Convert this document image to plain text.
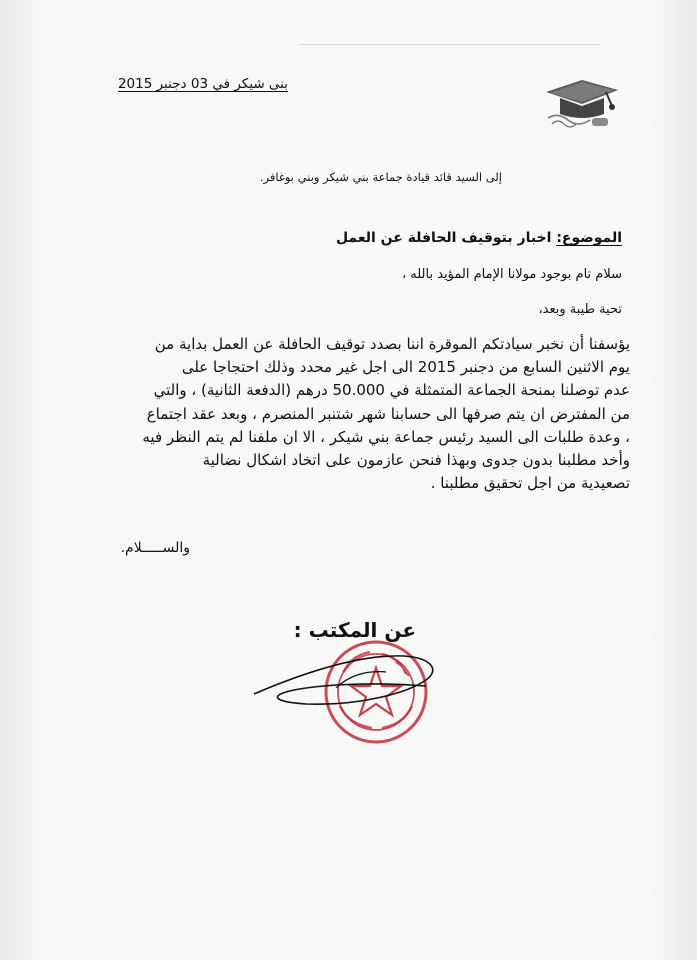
بنى شيكر في 03 دجنبر 2015
إلى السيد قائد قيادة جماعة بني شيكر وبني بوغافر.
الموضوع: اخبار بتوقيف الحافلة عن العمل
سلام تام بوجود مولانا الإمام المؤيد بالله ،
تحية طيبة وبعد،
يؤسفنا أن نخبر سيادتكم الموقرة اننا بصدد توقيف الحافلة عن العمل بداية من
يوم الاثنين السابع من دجنبر 2015 الى اجل غير محدد وذلك احتجاجا على
عدم توصلنا بمنحة الجماعة المتمثلة في 50.000 درهم (الدفعة الثانية) ، والتي
من المفترض ان يتم صرفها الى حسابنا شهر شتنبر المنصرم ، وبعد عقد اجتماع
، وعدة طلبات الى السيد رئيس جماعة بني شيكر ، الا ان ملفنا لم يتم النظر فيه
وأخد مطلبنا بدون جدوى وبهذا فنحن عازمون على اتخاد اشكال نضالية
تصعيدية من اجل تحقيق مطلبنا .
والســـــلام.
عن المكتب :
